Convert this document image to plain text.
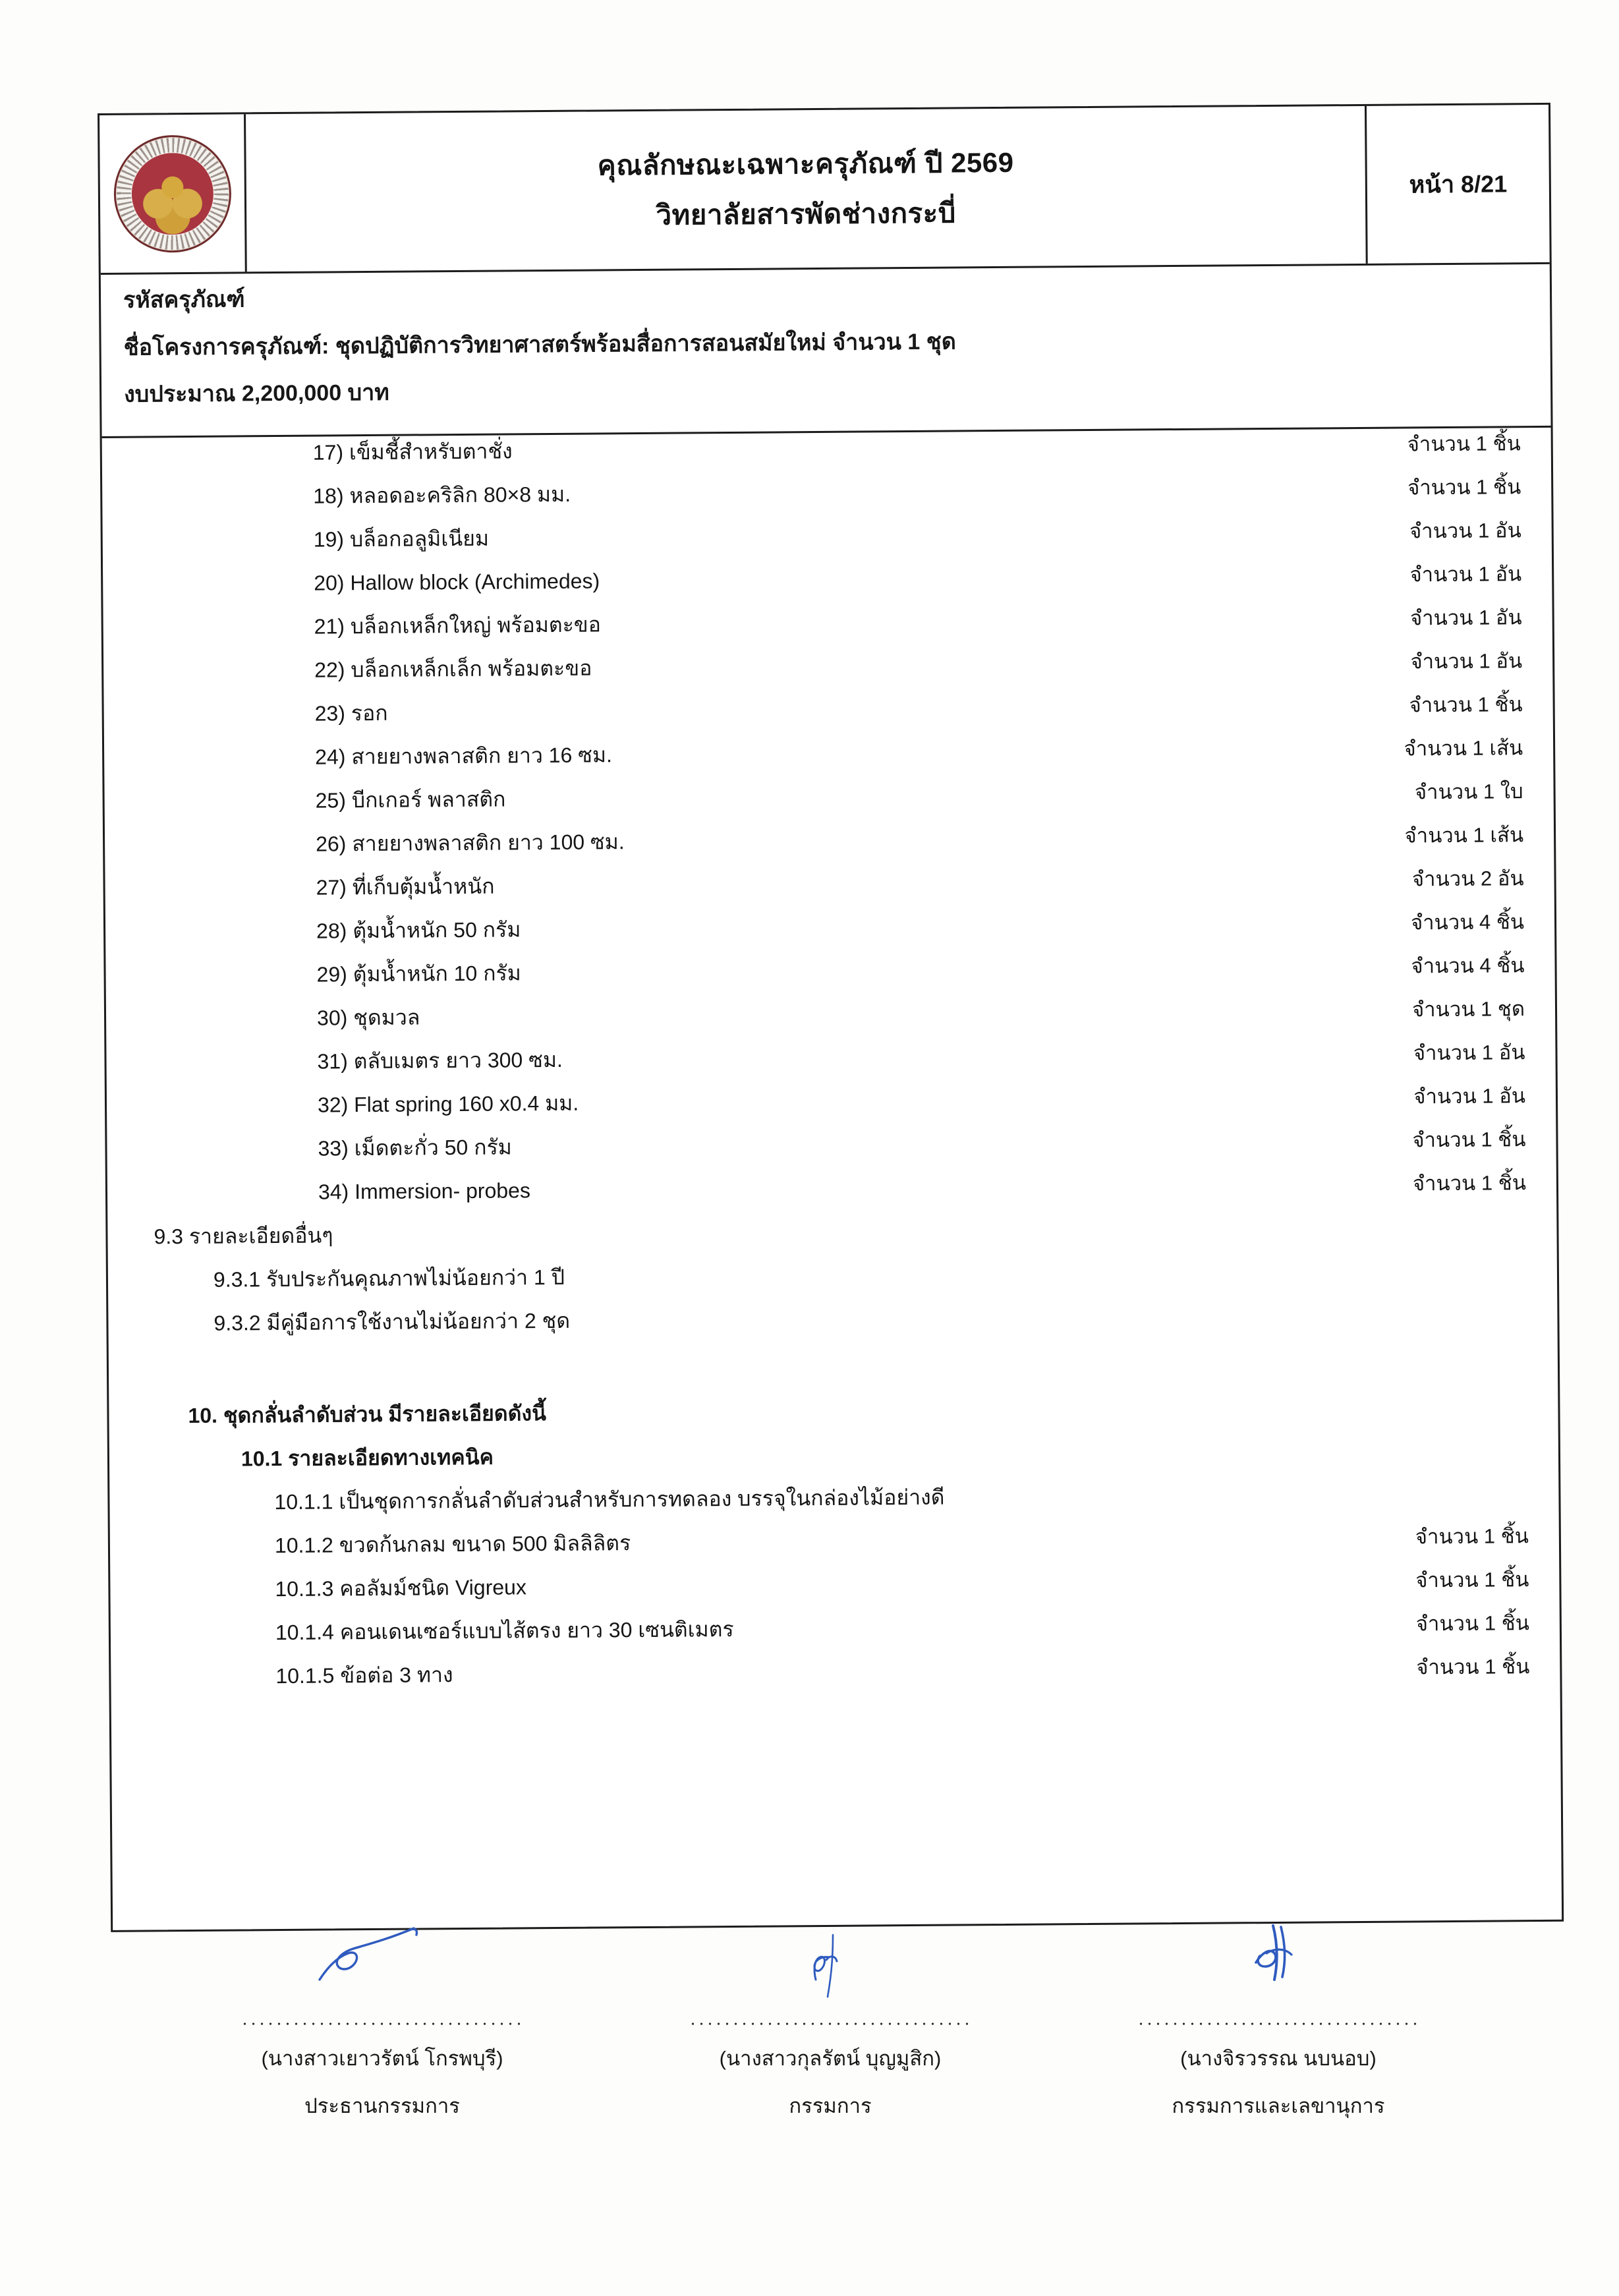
คุณลักษณะเฉพาะครุภัณฑ์ ปี 2569
วิทยาลัยสารพัดช่างกระบี่
หน้า 8/21
รหัสครุภัณฑ์
ชื่อโครงการครุภัณฑ์: ชุดปฏิบัติการวิทยาศาสตร์พร้อมสื่อการสอนสมัยใหม่ จำนวน 1 ชุด
งบประมาณ 2,200,000 บาท
17) เข็มชี้สำหรับตาชั่ง	จำนวน 1 ชิ้น
18) หลอดอะคริลิก 80×8 มม.	จำนวน 1 ชิ้น
19) บล็อกอลูมิเนียม	จำนวน 1 อัน
20) Hallow block (Archimedes)	จำนวน 1 อัน
21) บล็อกเหล็กใหญ่ พร้อมตะขอ	จำนวน 1 อัน
22) บล็อกเหล็กเล็ก พร้อมตะขอ	จำนวน 1 อัน
23) รอก	จำนวน 1 ชิ้น
24) สายยางพลาสติก ยาว 16 ซม.	จำนวน 1 เส้น
25) บีกเกอร์ พลาสติก	จำนวน 1 ใบ
26) สายยางพลาสติก ยาว 100 ซม.	จำนวน 1 เส้น
27) ที่เก็บตุ้มน้ำหนัก	จำนวน 2 อัน
28) ตุ้มน้ำหนัก 50 กรัม	จำนวน 4 ชิ้น
29) ตุ้มน้ำหนัก 10 กรัม	จำนวน 4 ชิ้น
30) ชุดมวล	จำนวน 1 ชุด
31) ตลับเมตร ยาว 300 ซม.	จำนวน 1 อัน
32) Flat spring 160 x0.4 มม.	จำนวน 1 อัน
33) เม็ดตะกั่ว 50 กรัม	จำนวน 1 ชิ้น
34) Immersion- probes	จำนวน 1 ชิ้น
9.3 รายละเอียดอื่นๆ
9.3.1 รับประกันคุณภาพไม่น้อยกว่า 1 ปี
9.3.2 มีคู่มือการใช้งานไม่น้อยกว่า 2 ชุด
10. ชุดกลั่นลำดับส่วน มีรายละเอียดดังนี้
10.1 รายละเอียดทางเทคนิค
10.1.1 เป็นชุดการกลั่นลำดับส่วนสำหรับการทดลอง บรรจุในกล่องไม้อย่างดี
10.1.2 ขวดก้นกลม ขนาด 500 มิลลิลิตร	จำนวน 1 ชิ้น
10.1.3 คอลัมม์ชนิด Vigreux	จำนวน 1 ชิ้น
10.1.4 คอนเดนเซอร์แบบไส้ตรง ยาว 30 เซนติเมตร	จำนวน 1 ชิ้น
10.1.5 ข้อต่อ 3 ทาง	จำนวน 1 ชิ้น
(นางสาวเยาวรัตน์ โกรพบุรี)
ประธานกรรมการ
(นางสาวกุลรัตน์ บุญมูสิก)
กรรมการ
(นางจิรวรรณ นบนอบ)
กรรมการและเลขานุการ
